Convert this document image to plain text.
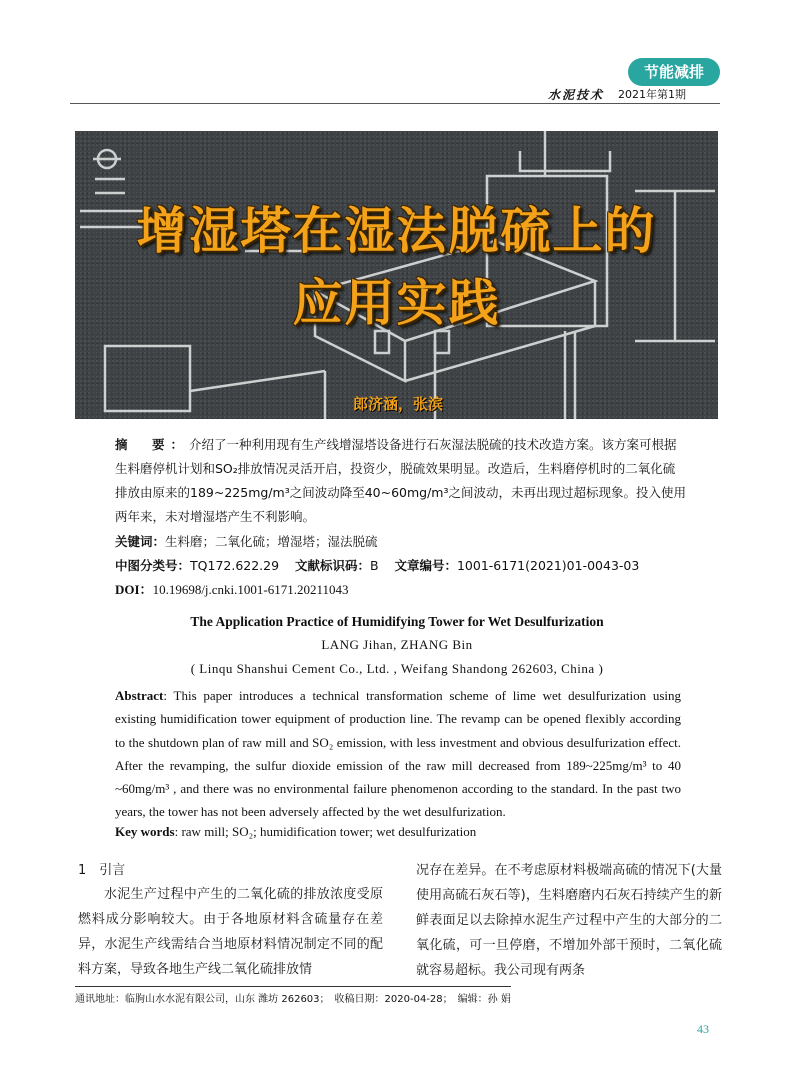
节能减排
水泥技术 2021年第1期
增湿塔在湿法脱硫上的
应用实践
郎济涵，张滨
摘　要：介绍了一种利用现有生产线增湿塔设备进行石灰湿法脱硫的技术改造方案。该方案可根据生料磨停机计划和SO₂排放情况灵活开启，投资少，脱硫效果明显。改造后，生料磨停机时的二氧化硫排放由原来的189~225mg/m³之间波动降至40~60mg/m³之间波动，未再出现过超标现象。投入使用两年来，未对增湿塔产生不利影响。
关键词：生料磨；二氧化硫；增湿塔；湿法脱硫
中图分类号：TQ172.622.29 文献标识码：B 文章编号：1001-6171(2021)01-0043-03
DOI：10.19698/j.cnki.1001-6171.20211043
The Application Practice of Humidifying Tower for Wet Desulfurization
LANG Jihan, ZHANG Bin
( Linqu Shanshui Cement Co., Ltd. , Weifang Shandong 262603, China )
Abstract: This paper introduces a technical transformation scheme of lime wet desulfurization using existing humidification tower equipment of production line. The revamp can be opened flexibly according to the shutdown plan of raw mill and SO₂ emission, with less investment and obvious desulfurization effect. After the revamping, the sulfur dioxide emission of the raw mill decreased from 189~225mg/m³ to 40 ~60mg/m³ , and there was no environmental failure phenomenon according to the standard. In the past two years, the tower has not been adversely affected by the wet desulfurization.
Key words: raw mill; SO₂; humidification tower; wet desulfurization
1　引言
水泥生产过程中产生的二氧化硫的排放浓度受原燃料成分影响较大。由于各地原材料含硫量存在差异，水泥生产线需结合当地原材料情况制定不同的配料方案，导致各地生产线二氧化硫排放情
况存在差异。在不考虑原材料极端高硫的情况下(大量使用高硫石灰石等)，生料磨磨内石灰石持续产生的新鲜表面足以去除掉水泥生产过程中产生的大部分的二氧化硫，可一旦停磨，不增加外部干预时，二氧化硫就容易超标。我公司现有两条
通讯地址：临朐山水水泥有限公司，山东 潍坊 262603；　收稿日期：2020-04-28；　编辑：孙 娟
43
